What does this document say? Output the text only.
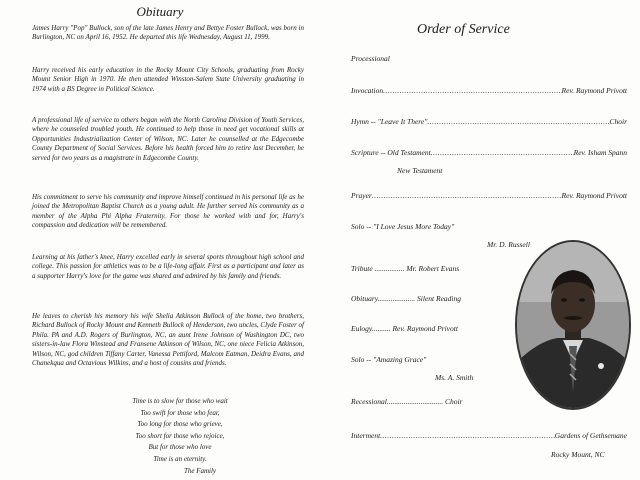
Obituary

James Harry "Pop" Bullock, son of the late James Henry and Bettye Foster Bullock, was born in Burlington, NC on April 16, 1952. He departed this life Wednesday, August 11, 1999.

Harry received his early education in the Rocky Mount City Schools, graduating from Rocky Mount Senior High in 1970. He then attended Winston-Salem State University graduating in 1974 with a BS Degree in Political Science.

A professional life of service to others began with the North Carolina Division of Youth Services, where he counseled troubled youth. He continued to help those in need get vocational skills at Opportunities Industrialization Center of Wilson, NC. Later he counselled at the Edgecombe County Department of Social Services. Before his health forced him to retire last December, he served for two years as a magistrate in Edgecombe County.

His commitment to serve his community and improve himself continued in his personal life as he joined the Metropolitan Baptist Church as a young adult. He further served his community as a member of the Alpha Phi Alpha Fraternity. For those he worked with and for, Harry's compassion and dedication will be remembered.

Learning at his father's knee, Harry excelled early in several sports throughout high school and college. This passion for athletics was to be a life-long affair. First as a participant and later as a supporter Harry's love for the game was shared and admired by his family and friends.

He leaves to cherish his memory his wife Shelia Atkinson Bullock of the home, two brothers, Richard Bullock of Rocky Mount and Kenneth Bullock of Henderson, two uncles, Clyde Foster of Phila. PA and A.D. Rogers of Burlington, NC, an aunt Irene Johnson of Washington DC, two sisters-in-law Flora Winstead and Fransene Atkinson of Wilson, NC, one niece Felicia Atkinson, Wilson, NC, god children Tiffany Carter, Vanessa Pettiford, Malcom Eatman, Deidra Evans, and Chanekqua and Octavious Wilkins, and a host of cousins and friends.

Time is to slow for those who wait
Too swift for those who fear,
Too long for those who grieve,
Too short for those who rejoice,
But for those who love
Time is an eternity.
The Family
Order of Service
Processional
Invocation .....	Rev. Raymond Privott
Hymn -- "Leave It There" .....	Choir
Scripture -- Old Testament .....	Rev. Isham Spann
New Testament
Prayer .....	Rev. Raymond Privott
Solo -- "I Love Jesus More Today"
Mr. D. Russell
Tribute ................ Mr. Robert Evans
Obituary.................... Silent Reading
Eulogy.......... Rev. Raymond Privott
Solo -- "Amazing Grace"
Ms. A. Smith
Recessional.............................. Choir
Interment .....	Gardens of Gethsemane
Rocky Mount, NC
